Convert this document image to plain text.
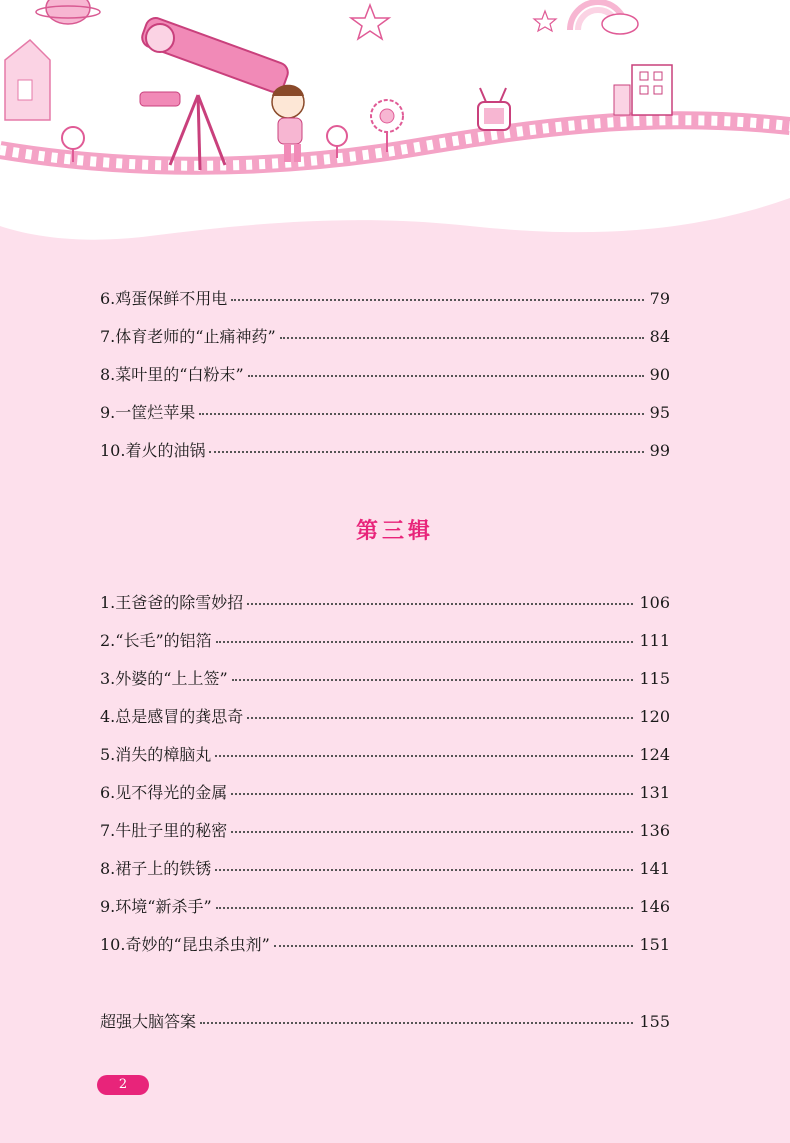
6.鸡蛋保鲜不用电	79
7.体育老师的“止痛神药”	84
8.菜叶里的“白粉末”	90
9.一筐烂苹果	95
10.着火的油锅	99
第三辑
1.王爸爸的除雪妙招	106
2.“长毛”的铝箔	111
3.外婆的“上上签”	115
4.总是感冒的龚思奇	120
5.消失的樟脑丸	124
6.见不得光的金属	131
7.牛肚子里的秘密	136
8.裙子上的铁锈	141
9.环境“新杀手”	146
10.奇妙的“昆虫杀虫剂”	151
超强大脑答案	155
2
